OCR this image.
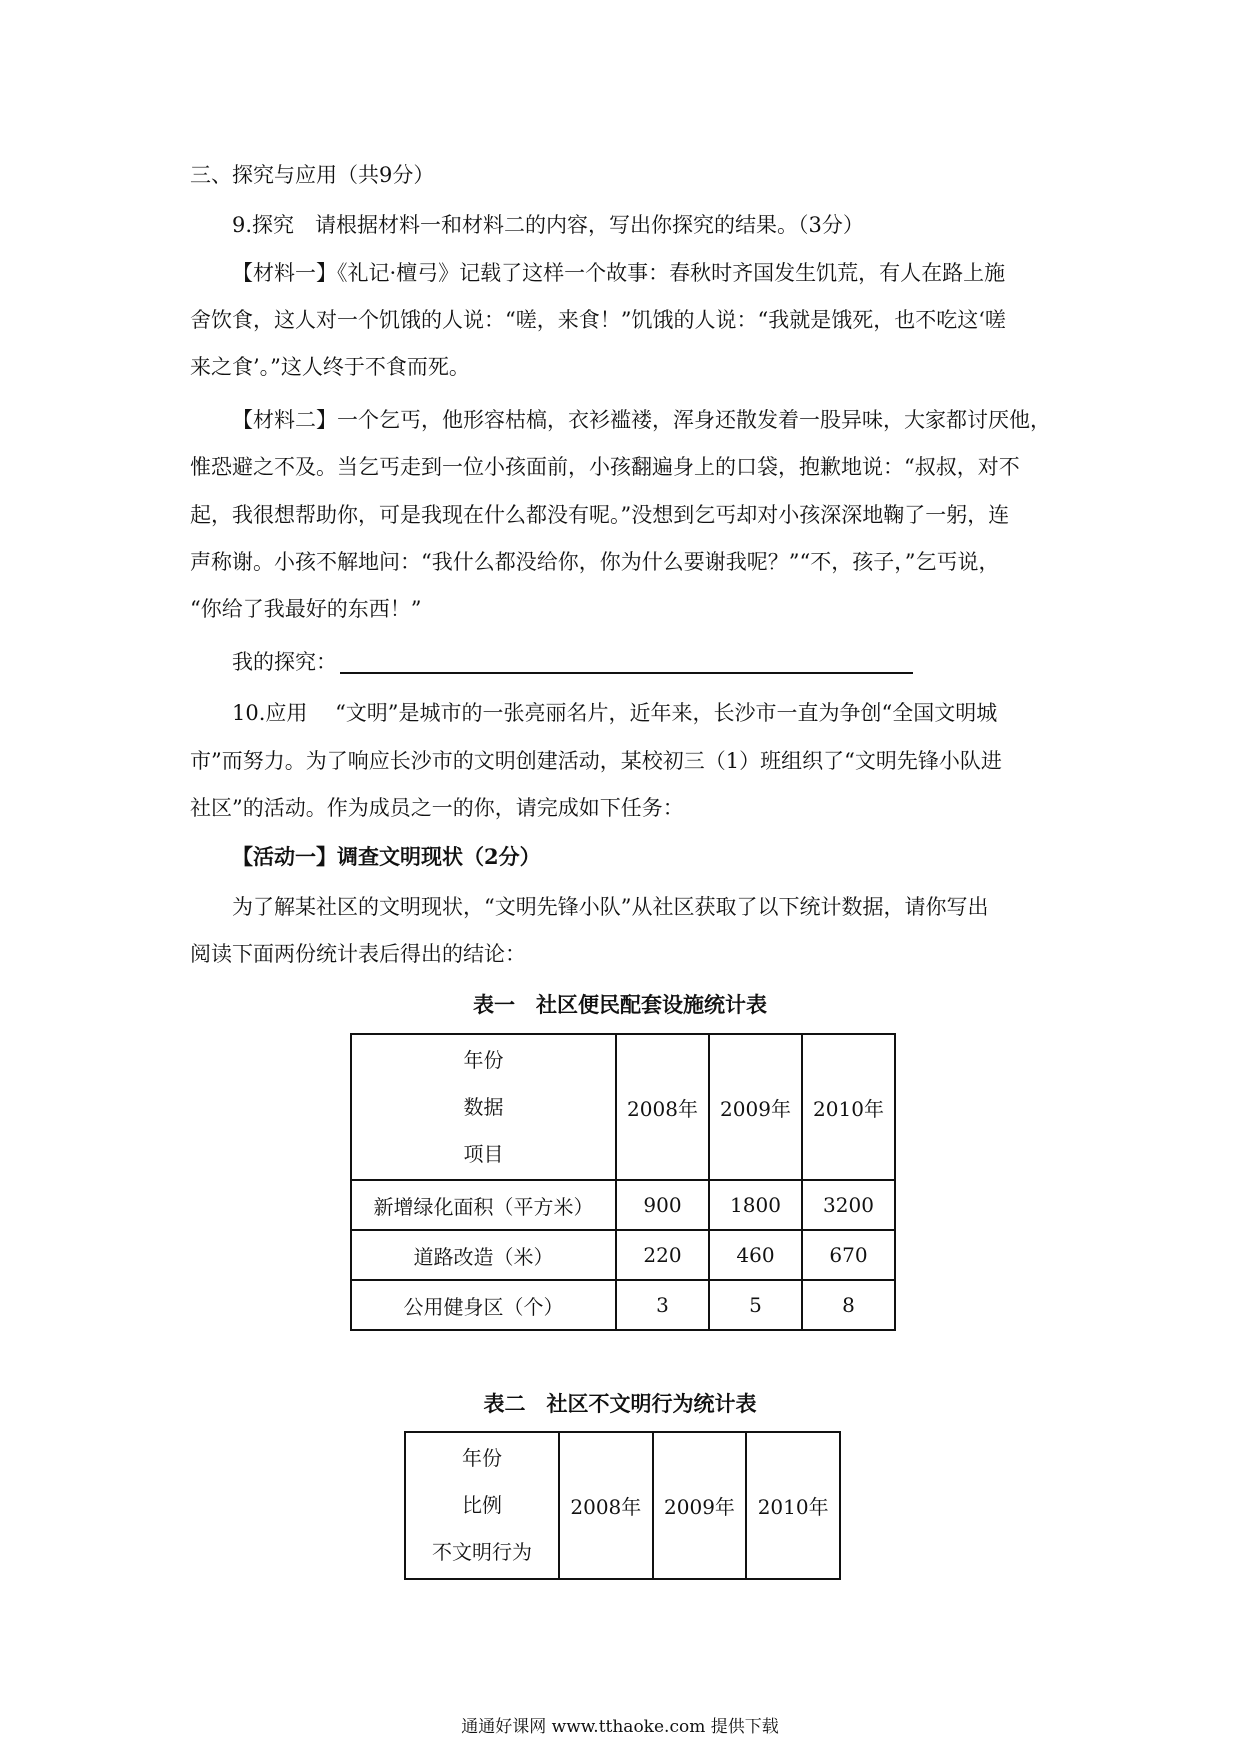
三、探究与应用（共9分）
9.探究　请根据材料一和材料二的内容，写出你探究的结果。（3分）
【材料一】《礼记·檀弓》记载了这样一个故事：春秋时齐国发生饥荒，有人在路上施
舍饮食，这人对一个饥饿的人说：“嗟，来食！”饥饿的人说：“我就是饿死，也不吃这‘嗟
来之食’。”这人终于不食而死。
【材料二】一个乞丐，他形容枯槁，衣衫褴褛，浑身还散发着一股异味，大家都讨厌他，
惟恐避之不及。当乞丐走到一位小孩面前，小孩翻遍身上的口袋，抱歉地说：“叔叔，对不
起，我很想帮助你，可是我现在什么都没有呢。”没想到乞丐却对小孩深深地鞠了一躬，连
声称谢。小孩不解地问：“我什么都没给你，你为什么要谢我呢？”“不，孩子，”乞丐说，
“你给了我最好的东西！”
我的探究：
10.应用　 “文明”是城市的一张亮丽名片，近年来，长沙市一直为争创“全国文明城
市”而努力。为了响应长沙市的文明创建活动，某校初三（1）班组织了“文明先锋小队进
社区”的活动。作为成员之一的你，请完成如下任务：
【活动一】调查文明现状（2分）
为了解某社区的文明现状，“文明先锋小队”从社区获取了以下统计数据，请你写出
阅读下面两份统计表后得出的结论：
表一　社区便民配套设施统计表
年份
数据
项目	2008年	2009年	2010年
新增绿化面积（平方米）	900	1800	3200
道路改造（米）	220	460	670
公用健身区（个）	3	5	8
表二　社区不文明行为统计表
年份
比例
不文明行为
	2008年	2009年	2010年
通通好课网 www.tthaoke.com 提供下载
